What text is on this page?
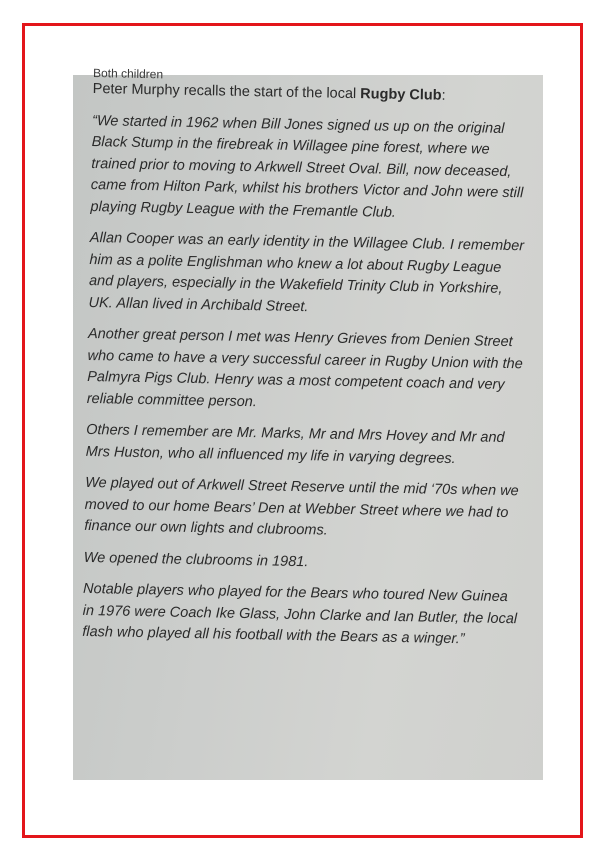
Both children

Peter Murphy recalls the start of the local Rugby Club:

“We started in 1962 when Bill Jones signed us up on the original Black Stump in the firebreak in Willagee pine forest, where we trained prior to moving to Arkwell Street Oval. Bill, now deceased, came from Hilton Park, whilst his brothers Victor and John were still playing Rugby League with the Fremantle Club.

Allan Cooper was an early identity in the Willagee Club. I remember him as a polite Englishman who knew a lot about Rugby League and players, especially in the Wakefield Trinity Club in Yorkshire, UK. Allan lived in Archibald Street.

Another great person I met was Henry Grieves from Denien Street who came to have a very successful career in Rugby Union with the Palmyra Pigs Club. Henry was a most competent coach and very reliable committee person.

Others I remember are Mr. Marks, Mr and Mrs Hovey and Mr and Mrs Huston, who all influenced my life in varying degrees.

We played out of Arkwell Street Reserve until the mid ‘70s when we moved to our home Bears’ Den at Webber Street where we had to finance our own lights and clubrooms.

We opened the clubrooms in 1981.

Notable players who played for the Bears who toured New Guinea in 1976 were Coach Ike Glass, John Clarke and Ian Butler, the local flash who played all his football with the Bears as a winger.”
